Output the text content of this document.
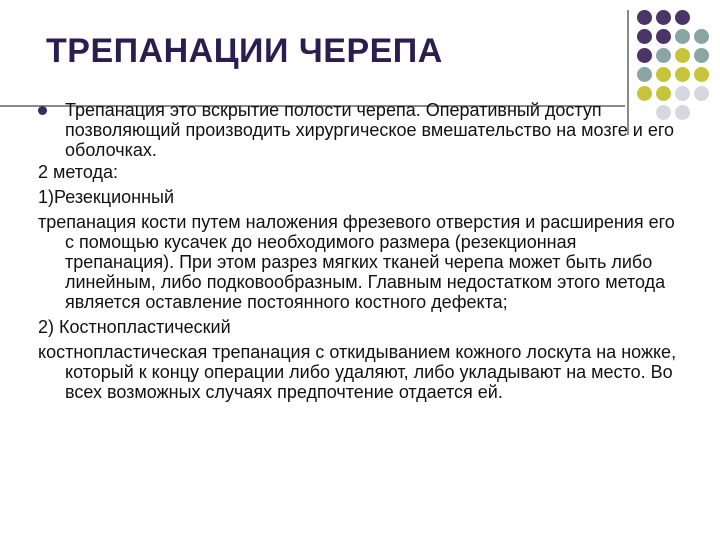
ТРЕПАНАЦИИ ЧЕРЕПА
Трепанация это вскрытие полости черепа. Оперативный доступ позволяющий производить хирургическое вмешательство на мозге и его оболочках.
2 метода:
1)Резекционный
трепанация кости путем наложения фрезевого отверстия и расширения его с помощью кусачек до необходимого размера (резекционная трепанация). При этом разрез мягких тканей черепа может быть либо линейным, либо подковообразным. Главным недостатком этого метода является оставление постоянного костного дефекта;
2) Костнопластический
костнопластическая трепанация с откидыванием кожного лоскута на ножке, который к концу операции либо удаляют, либо укладывают на место. Во всех возможных случаях предпочтение отдается ей.
